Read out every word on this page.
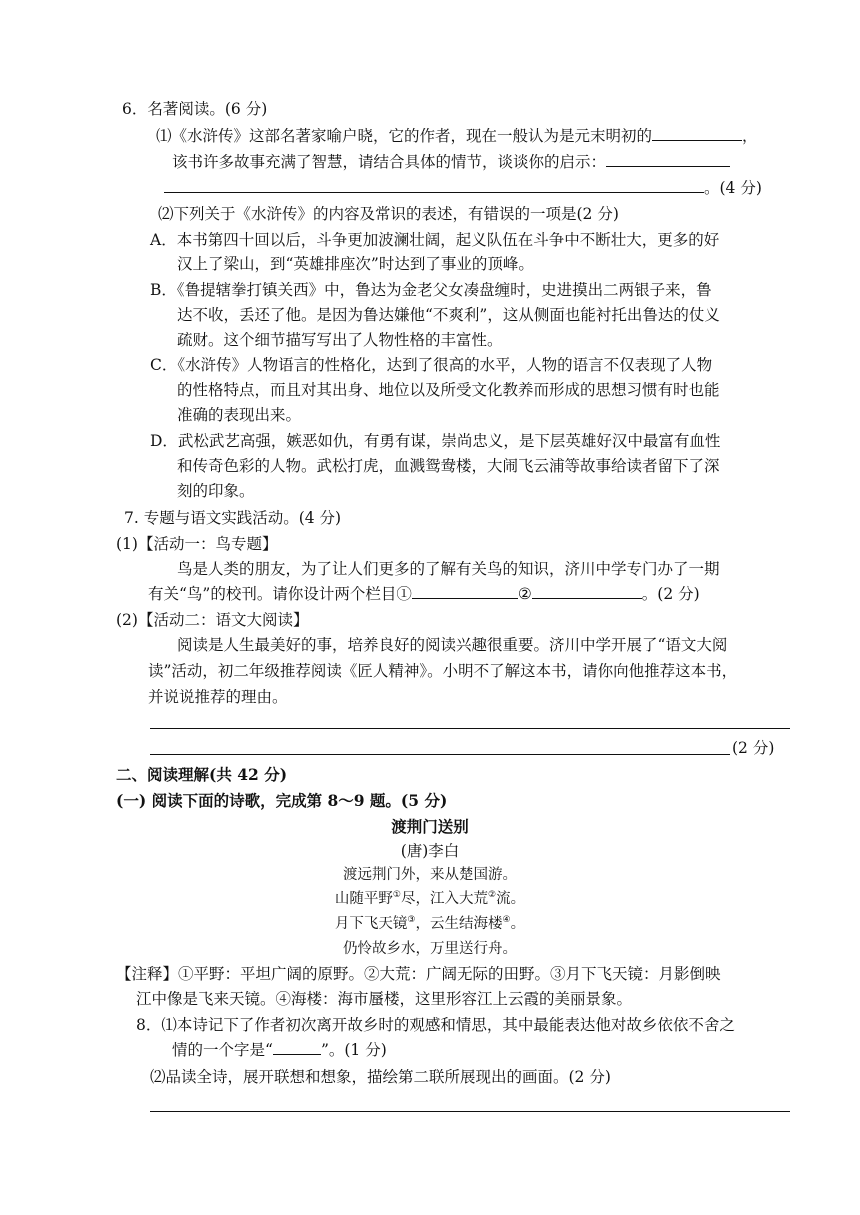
6．名著阅读。(6 分)
⑴《水浒传》这部名著家喻户晓，它的作者，现在一般认为是元末明初的	，
该书许多故事充满了智慧，请结合具体的情节，谈谈你的启示：
。(4 分)
⑵下列关于《水浒传》的内容及常识的表述，有错误的一项是(2 分)
A．本书第四十回以后，斗争更加波澜壮阔，起义队伍在斗争中不断壮大，更多的好
汉上了梁山，到“英雄排座次”时达到了事业的顶峰。
B．《鲁提辖拳打镇关西》中，鲁达为金老父女凑盘缠时，史进摸出二两银子来，鲁
达不收，丢还了他。是因为鲁达嫌他“不爽利”，这从侧面也能衬托出鲁达的仗义
疏财。这个细节描写写出了人物性格的丰富性。
C．《水浒传》人物语言的性格化，达到了很高的水平，人物的语言不仅表现了人物
的性格特点，而且对其出身、地位以及所受文化教养而形成的思想习惯有时也能
准确的表现出来。
D．武松武艺高强，嫉恶如仇，有勇有谋，崇尚忠义，是下层英雄好汉中最富有血性
和传奇色彩的人物。武松打虎，血溅鸳鸯楼，大闹飞云浦等故事给读者留下了深
刻的印象。
7. 专题与语文实践活动。(4 分)
(1)【活动一：鸟专题】
鸟是人类的朋友，为了让人们更多的了解有关鸟的知识，济川中学专门办了一期
有关“鸟”的校刊。请你设计两个栏目①	②	。(2 分)
(2)【活动二：语文大阅读】
阅读是人生最美好的事，培养良好的阅读兴趣很重要。济川中学开展了“语文大阅
读”活动，初二年级推荐阅读《匠人精神》。小明不了解这本书，请你向他推荐这本书，
并说说推荐的理由。
(2 分)
二、阅读理解(共 42 分)
(一) 阅读下面的诗歌，完成第 8～9 题。(5 分)
渡荆门送别
(唐)李白
渡远荆门外，来从楚国游。
山随平野①尽，江入大荒②流。
月下飞天镜③，云生结海楼④。
仍怜故乡水，万里送行舟。
【注释】①平野：平坦广阔的原野。②大荒：广阔无际的田野。③月下飞天镜：月影倒映
江中像是飞来天镜。④海楼：海市蜃楼，这里形容江上云霞的美丽景象。
8．⑴本诗记下了作者初次离开故乡时的观感和情思，其中最能表达他对故乡依依不舍之
情的一个字是“	”。(1 分)
⑵品读全诗，展开联想和想象，描绘第二联所展现出的画面。(2 分)
